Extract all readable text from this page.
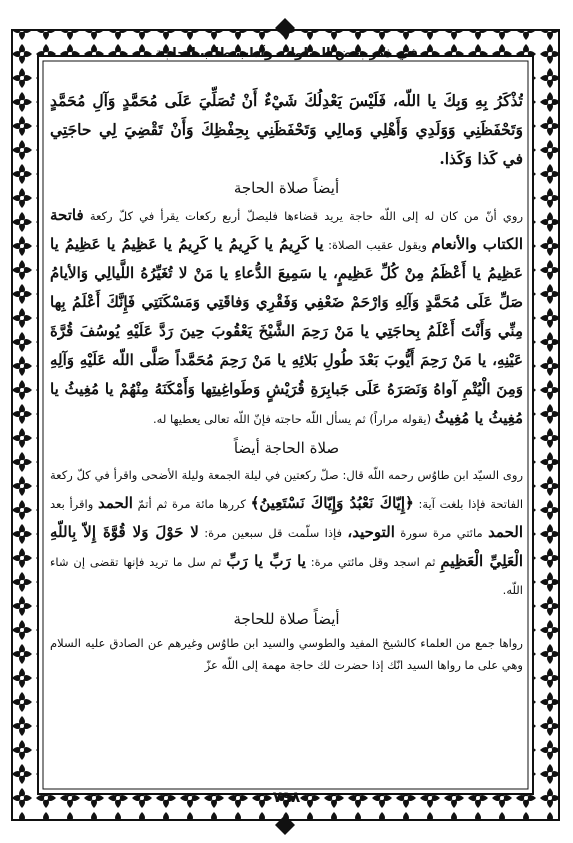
في ذكر بعض الصلوات وآداب طلب الحاجة

تُذْكَرُ بِهِ وَبِكَ يا اللّه، فَلَيْسَ يَعْدِلُكَ شَيْءٌ أَنْ تُصَلِّيَ عَلَى مُحَمَّدٍ وَآلِ مُحَمَّدٍ وَتَحْفَظَنِي وَوَلَدِي وَأَهْلِي وَمالِي وَتَحْفَظَنِي بِحِفْظِكَ وَأَنْ تَقْضِيَ لِي حاجَتِي في كَذا وَكَذا.

أيضاً صلاة الحاجة

روي أنّ من كان له إلى اللّه حاجة يريد قضاءها فليصلّ أربع ركعات يقرأ في كلّ ركعة فاتحة الكتاب والأنعام ويقول عقيب الصلاة: يا كَرِيمُ يا كَرِيمُ يا كَرِيمُ يا عَظِيمُ يا عَظِيمُ يا عَظِيمُ يا أَعْظَمُ مِنْ كُلِّ عَظِيمٍ، يا سَمِيعَ الدُّعاءِ يا مَنْ لا تُغَيِّرُهُ اللَّيالِي وَالأيامُ صَلِّ عَلَى مُحَمَّدٍ وَآلِهِ وَارْحَمْ ضَعْفِي وَفَقْرِي وَفاقَتِي وَمَسْكَنَتِي فَإِنَّكَ أَعْلَمُ بِها مِنِّي وَأَنْتَ أَعْلَمُ بِحاجَتِي يا مَنْ رَحِمَ الشَّيْخَ يَعْقُوبَ حِينَ رَدَّ عَلَيْهِ يُوسُفَ قُرَّةَ عَيْنِهِ، يا مَنْ رَحِمَ أَيُّوبَ بَعْدَ طُولِ بَلائِهِ يا مَنْ رَحِمَ مُحَمَّداً صَلَّى اللّه عَلَيْهِ وَآلِهِ وَمِنَ الْيُتْمِ آواهُ وَنَصَرَهُ عَلَى جَبابِرَةِ قُرَيْشٍ وَطَواغِيتِها وَأَمْكَنَهُ مِنْهُمْ يا مُغِيثُ يا مُغِيثُ يا مُغِيثُ (يقوله مراراً) ثم يسأل اللّه حاجته فإنّ اللّه تعالى يعطيها له.

صلاة الحاجة أيضاً

روى السيّد ابن طاوُس رحمه اللّه قال: صلّ ركعتين في ليلة الجمعة وليلة الأضحى واقرأ في كلّ ركعة الفاتحة فإذا بلغت آية: ﴿إِيّاكَ نَعْبُدُ وَإِيّاكَ نَسْتَعِينُ﴾ كررها مائة مرة ثم أتمّ الحمد واقرأ بعد الحمد مائتي مرة سورة التوحيد، فإذا سلّمت قل سبعين مرة: لا حَوْلَ وَلا قُوَّةَ إِلاّ بِاللّهِ الْعَلِيِّ الْعَظِيمِ ثم اسجد وقل مائتي مرة: يا رَبِّ يا رَبِّ ثم سل ما تريد فإنها تقضى إن شاء اللّه.

أيضاً صلاة للحاجة

رواها جمع من العلماء كالشيخ المفيد والطوسي والسيد ابن طاوُس وغيرهم عن الصادق عليه السلام وهي على ما رواها السيد انّك إذا حضرت لك حاجة مهمة إلى اللّه عزّ

٧٩٨
